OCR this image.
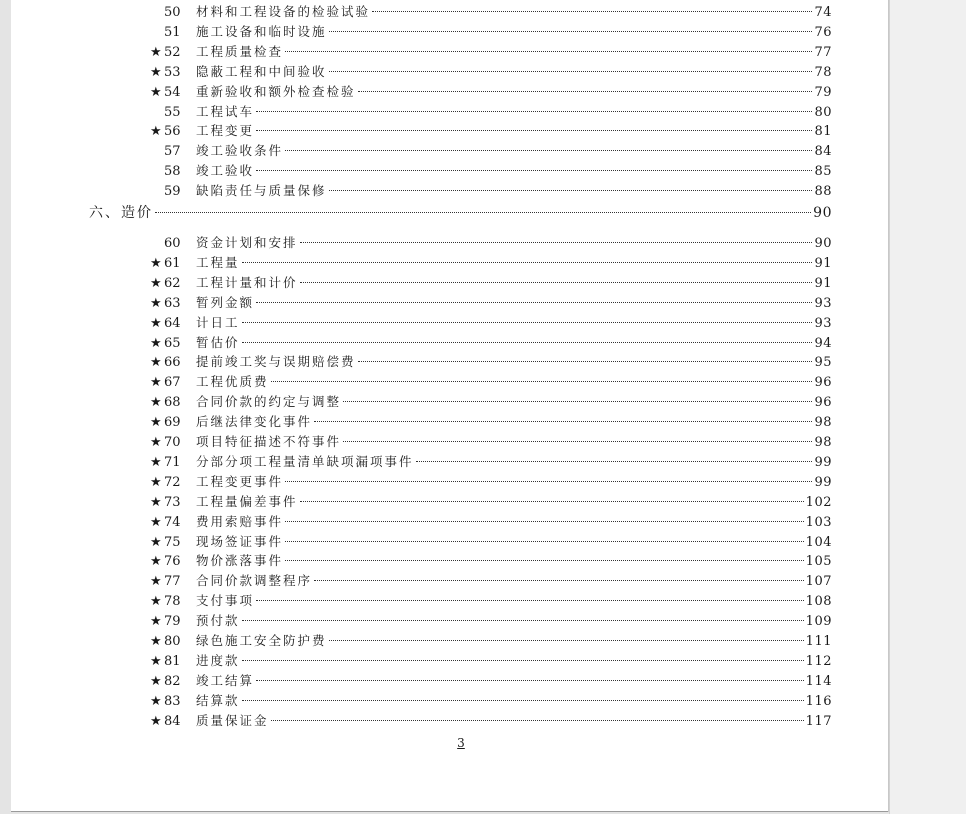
50	材料和工程设备的检验试验	74
51	施工设备和临时设施	76
★ 52	工程质量检查	77
★ 53	隐蔽工程和中间验收	78
★ 54	重新验收和额外检查检验	79
55	工程试车	80
★ 56	工程变更	81
57	竣工验收条件	84
58	竣工验收	85
59	缺陷责任与质量保修	88
六、造价	90
60	资金计划和安排	90
★ 61	工程量	91
★ 62	工程计量和计价	91
★ 63	暂列金额	93
★ 64	计日工	93
★ 65	暂估价	94
★ 66	提前竣工奖与误期赔偿费	95
★ 67	工程优质费	96
★ 68	合同价款的约定与调整	96
★ 69	后继法律变化事件	98
★ 70	项目特征描述不符事件	98
★ 71	分部分项工程量清单缺项漏项事件	99
★ 72	工程变更事件	99
★ 73	工程量偏差事件	102
★ 74	费用索赔事件	103
★ 75	现场签证事件	104
★ 76	物价涨落事件	105
★ 77	合同价款调整程序	107
★ 78	支付事项	108
★ 79	预付款	109
★ 80	绿色施工安全防护费	111
★ 81	进度款	112
★ 82	竣工结算	114
★ 83	结算款	116
★ 84	质量保证金	117
3
